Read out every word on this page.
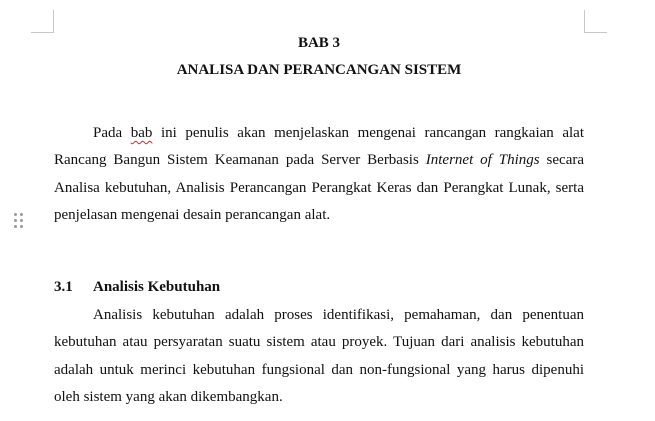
BAB 3
ANALISA DAN PERANCANGAN SISTEM

Pada bab ini penulis akan menjelaskan mengenai rancangan rangkaian alat Rancang Bangun Sistem Keamanan pada Server Berbasis Internet of Things secara Analisa kebutuhan, Analisis Perancangan Perangkat Keras dan Perangkat Lunak, serta penjelasan mengenai desain perancangan alat.

3.1 Analisis Kebutuhan

Analisis kebutuhan adalah proses identifikasi, pemahaman, dan penentuan kebutuhan atau persyaratan suatu sistem atau proyek. Tujuan dari analisis kebutuhan adalah untuk merinci kebutuhan fungsional dan non-fungsional yang harus dipenuhi oleh sistem yang akan dikembangkan.
